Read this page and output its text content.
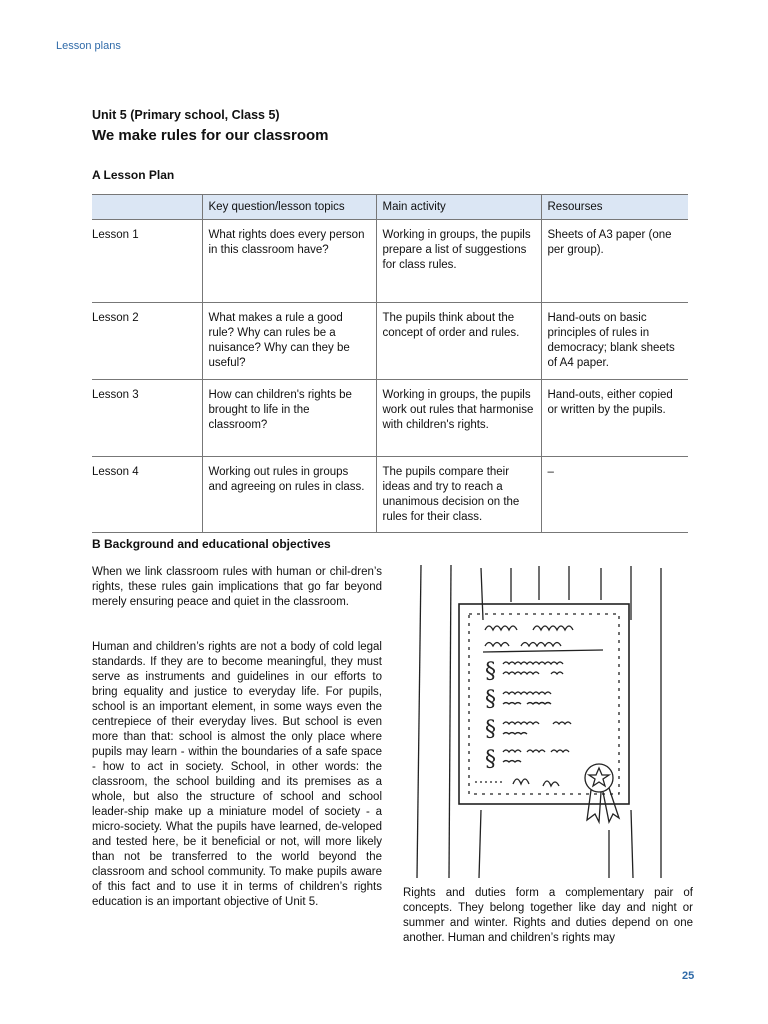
Lesson plans
Unit 5 (Primary school, Class 5)
We make rules for our classroom
A Lesson Plan
	Key question/lesson topics	Main activity	Resourses
Lesson 1	What rights does every person in this classroom have?	Working in groups, the pupils prepare a list of suggestions for class rules.	Sheets of A3 paper (one per group).
Lesson 2	What makes a rule a good rule? Why can rules be a nuisance? Why can they be useful?	The pupils think about the concept of order and rules.	Hand-outs on basic principles of rules in democracy; blank sheets of A4 paper.
Lesson 3	How can children's rights be brought to life in the classroom?	Working in groups, the pupils work out rules that harmonise with children's rights.	Hand-outs, either copied or written by the pupils.
Lesson 4	Working out rules in groups and agreeing on rules in class.	The pupils compare their ideas and try to reach a unanimous decision on the rules for their class.	–
B Background and educational objectives

When we link classroom rules with human or chil-dren’s rights, these rules gain implications that go far beyond merely ensuring peace and quiet in the classroom.

Human and children’s rights are not a body of cold legal standards. If they are to become meaningful, they must serve as instruments and guidelines in our efforts to bring equality and justice to everyday life. For pupils, school is an important element, in some ways even the centrepiece of their everyday lives. But school is even more than that: school is almost the only place where pupils may learn - within the boundaries of a safe space - how to act in society. School, in other words: the classroom, the school building and its premises as a whole, but also the structure of school and school leader-ship make up a miniature model of society - a micro-society. What the pupils have learned, de-veloped and tested here, be it beneficial or not, will more likely than not be transferred to the world beyond the classroom and school community. To make pupils aware of this fact and to use it in terms of children’s rights education is an important objective of Unit 5.

§
§
§
§

Rights and duties form a complementary pair of concepts. They belong together like day and night or summer and winter. Rights and duties depend on one another. Human and children’s rights may

25
